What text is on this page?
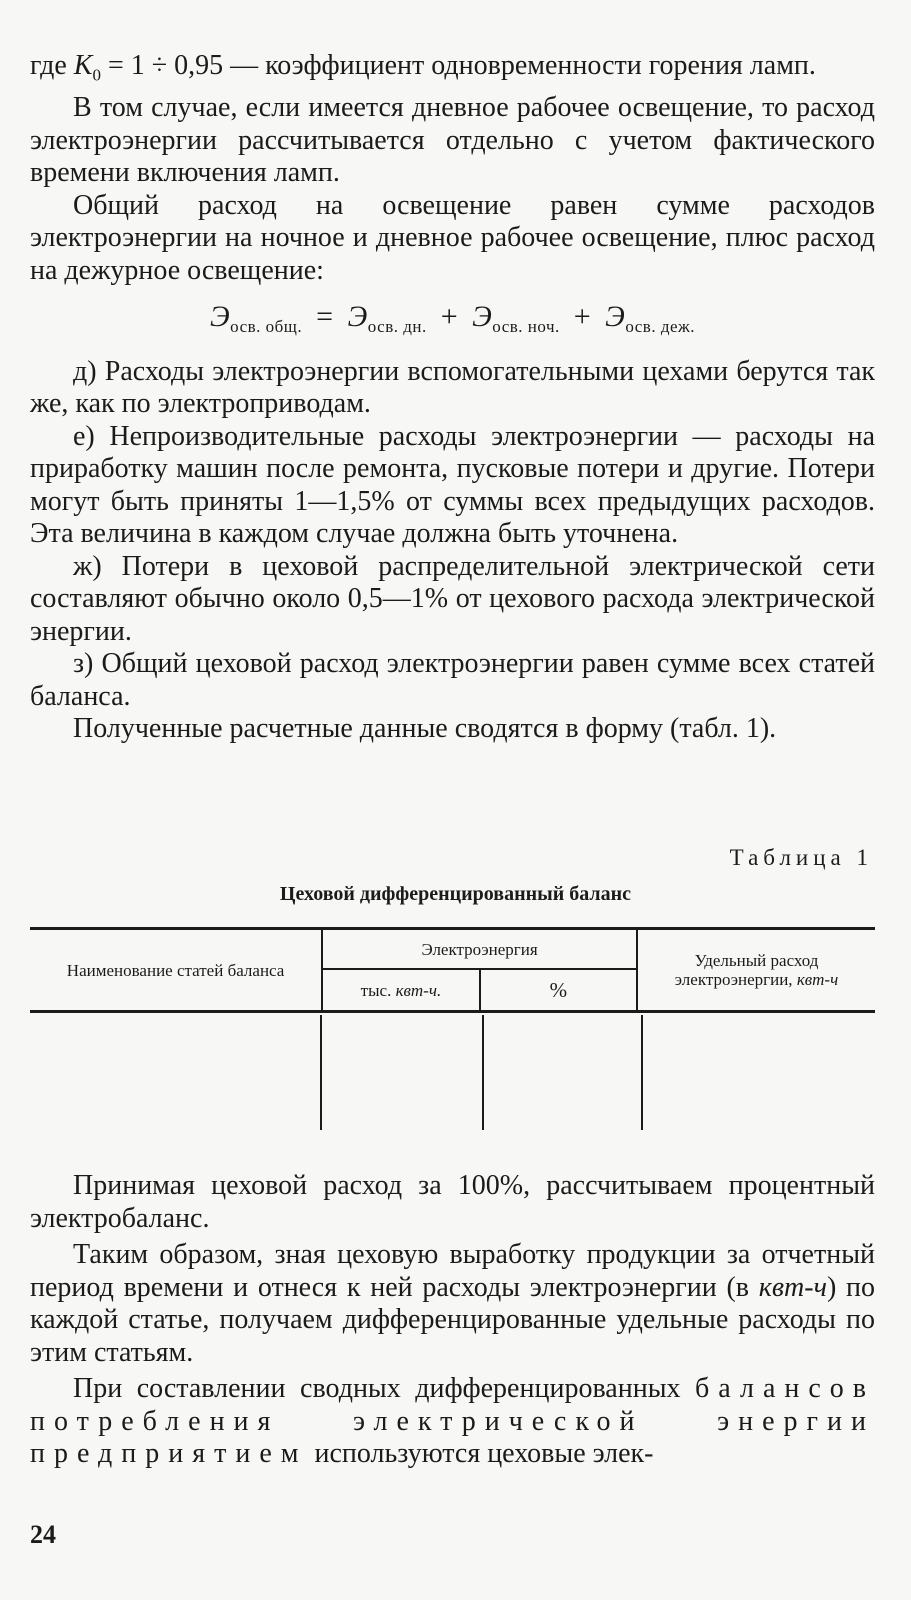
где $K_0 = 1 \div 0,95$ — коэффициент одновременности горения ламп.

В том случае, если имеется дневное рабочее освещение, то расход электроэнергии рассчитывается отдельно с учетом фактического времени включения ламп.

Общий расход на освещение равен сумме расходов электроэнергии на ночное и дневное рабочее освещение, плюс расход на дежурное освещение:

$Э_{осв. общ.} = Э_{осв. дн.} + Э_{осв. ноч.} + Э_{осв. деж.}$

д) Расходы электроэнергии вспомогательными цехами берутся так же, как по электроприводам.

е) Непроизводительные расходы электроэнергии — расходы на приработку машин после ремонта, пусковые потери и другие. Потери могут быть приняты 1—1,5% от суммы всех предыдущих расходов. Эта величина в каждом случае должна быть уточнена.

ж) Потери в цеховой распределительной электрической сети составляют обычно около 0,5—1% от цехового расхода электрической энергии.

з) Общий цеховой расход электроэнергии равен сумме всех статей баланса.

Полученные расчетные данные сводятся в форму (табл. 1).

Таблица 1
Цеховой дифференцированный баланс
Наименование статей баланса	Электроэнергия		Удельный расход электроэнергии, квт-ч
	тыс. квт-ч.	%	

Принимая цеховой расход за 100%, рассчитываем процентный электробаланс.

Таким образом, зная цеховую выработку продукции за отчетный период времени и отнеся к ней расходы электроэнергии (в квт-ч) по каждой статье, получаем дифференцированные удельные расходы по этим статьям.

При составлении сводных дифференцированных балансов потребления электрической энергии предприятием используются цеховые элек-

24
